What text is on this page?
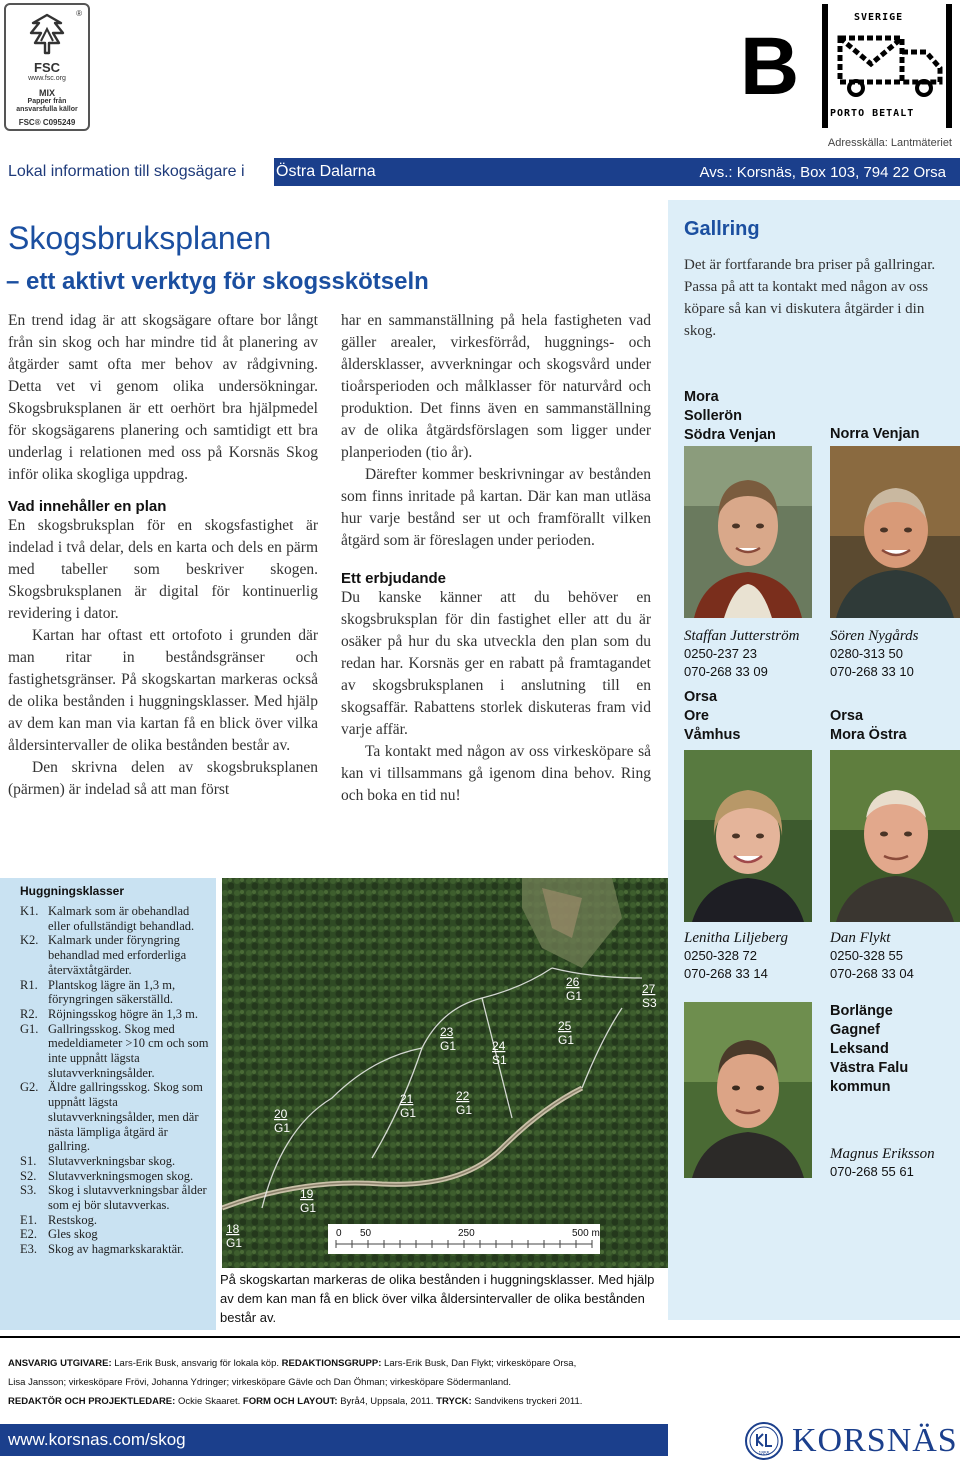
®
FSC
www.fsc.org
MIX
Papper från
ansvarsfulla källor
FSC® C095249
B
SVERIGE
PORTO BETALT
Adresskälla: Lantmäteriet
Lokal information till skogsägare i	Östra Dalarna	Avs.: Korsnäs, Box 103, 794 22 Orsa
Skogsbruksplanen
– ett aktivt verktyg för skogsskötseln

En trend idag är att skogsägare oftare bor långt från sin skog och har mindre tid åt planering av åtgärder samt ofta mer behov av rådgivning. Detta vet vi genom olika undersökningar. Skogsbruksplanen är ett oerhört bra hjälpmedel för skogsägarens planering och samtidigt ett bra underlag i relationen med oss på Korsnäs Skog inför olika skogliga uppdrag.

Vad innehåller en plan

En skogsbruksplan för en skogsfastighet är indelad i två delar, dels en karta och dels en pärm med tabeller som beskriver skogen. Skogsbruksplanen är digital för kontinuerlig revidering i dator.

Kartan har oftast ett ortofoto i grunden där man ritar in beståndsgränser och fastighetsgränser. På skogskartan markeras också de olika bestånden i huggningsklasser. Med hjälp av dem kan man via kartan få en blick över vilka åldersintervaller de olika bestånden består av.

Den skrivna delen av skogsbruksplanen (pärmen) är indelad så att man först

har en sammanställning på hela fastigheten vad gäller arealer, virkesförråd, huggnings- och åldersklasser, avverkningar och skogsvård under tioårsperioden och målklasser för naturvård och produktion. Det finns även en sammanställning av de olika åtgärdsförslagen som ligger under planperioden (tio år).

Därefter kommer beskrivningar av bestånden som finns inritade på kartan. Där kan man utläsa hur varje bestånd ser ut och framförallt vilken åtgärd som är föreslagen under perioden.

Ett erbjudande

Du kanske känner att du behöver en skogsbruksplan för din fastighet eller att du är osäker på hur du ska utveckla den plan som du redan har. Korsnäs ger en rabatt på framtagandet av skogsbruksplanen i anslutning till en skogsaffär. Rabattens storlek diskuteras fram vid varje affär.

Ta kontakt med någon av oss virkesköpare så kan vi tillsammans gå igenom dina behov. Ring och boka en tid nu!

Gallring
Det är fortfarande bra priser på gallringar. Passa på att ta kontakt med någon av oss köpare så kan vi diskutera åtgärder i din skog.
Mora
Sollerön
Södra Venjan
Staffan Jutterström
0250-237 23
070-268 33 09
Norra Venjan
Sören Nygårds
0280-313 50
070-268 33 10
Orsa
Ore
Våmhus
Lenitha Liljeberg
0250-328 72
070-268 33 14
Orsa
Mora Östra
Dan Flykt
0250-328 55
070-268 33 04
Borlänge
Gagnef
Leksand
Västra Falu
kommun
Magnus Eriksson
070-268 55 61
Huggningsklasser
K1. Kalmark som är obehandlad eller ofullständigt behandlad.
K2. Kalmark under föryngring behandlad med erforderliga återväxtåtgärder.
R1. Plantskog lägre än 1,3 m, föryngringen säkerställd.
R2. Röjningsskog högre än 1,3 m.
G1. Gallringsskog. Skog med medeldiameter >10 cm och som inte uppnått lägsta slutavverkningsålder.
G2. Äldre gallringsskog. Skog som uppnått lägsta slutavverkningsålder, men där nästa lämpliga åtgärd är gallring.
S1. Slutavverkningsbar skog.
S2. Slutavverkningsmogen skog.
S3. Skog i slutavverkningsbar ålder som ej bör slutavverkas.
E1. Restskog.
E2. Gles skog
E3. Skog av hagmarkskaraktär.
18
G1
19
G1
20
G1
21
G1
22
G1
23
G1	24
S1
25
G1
26
G1	27
S3
0 50	250	500 m
På skogskartan markeras de olika bestånden i huggningsklasser. Med hjälp av dem kan man få en blick över vilka åldersintervaller de olika bestånden består av.
ANSVARIG UTGIVARE: Lars-Erik Busk, ansvarig för lokala köp. REDAKTIONSGRUPP: Lars-Erik Busk, Dan Flykt; virkesköpare Orsa,
Lisa Jansson; virkesköpare Frövi, Johanna Ydringer; virkesköpare Gävle och Dan Öhman; virkesköpare Södermanland.
REDAKTÖR OCH PROJEKTLEDARE: Ockie Skaaret. FORM OCH LAYOUT: Byrå4, Uppsala, 2011. TRYCK: Sandvikens tryckeri 2011.
www.korsnas.com/skog
1855 KORSNÄS
